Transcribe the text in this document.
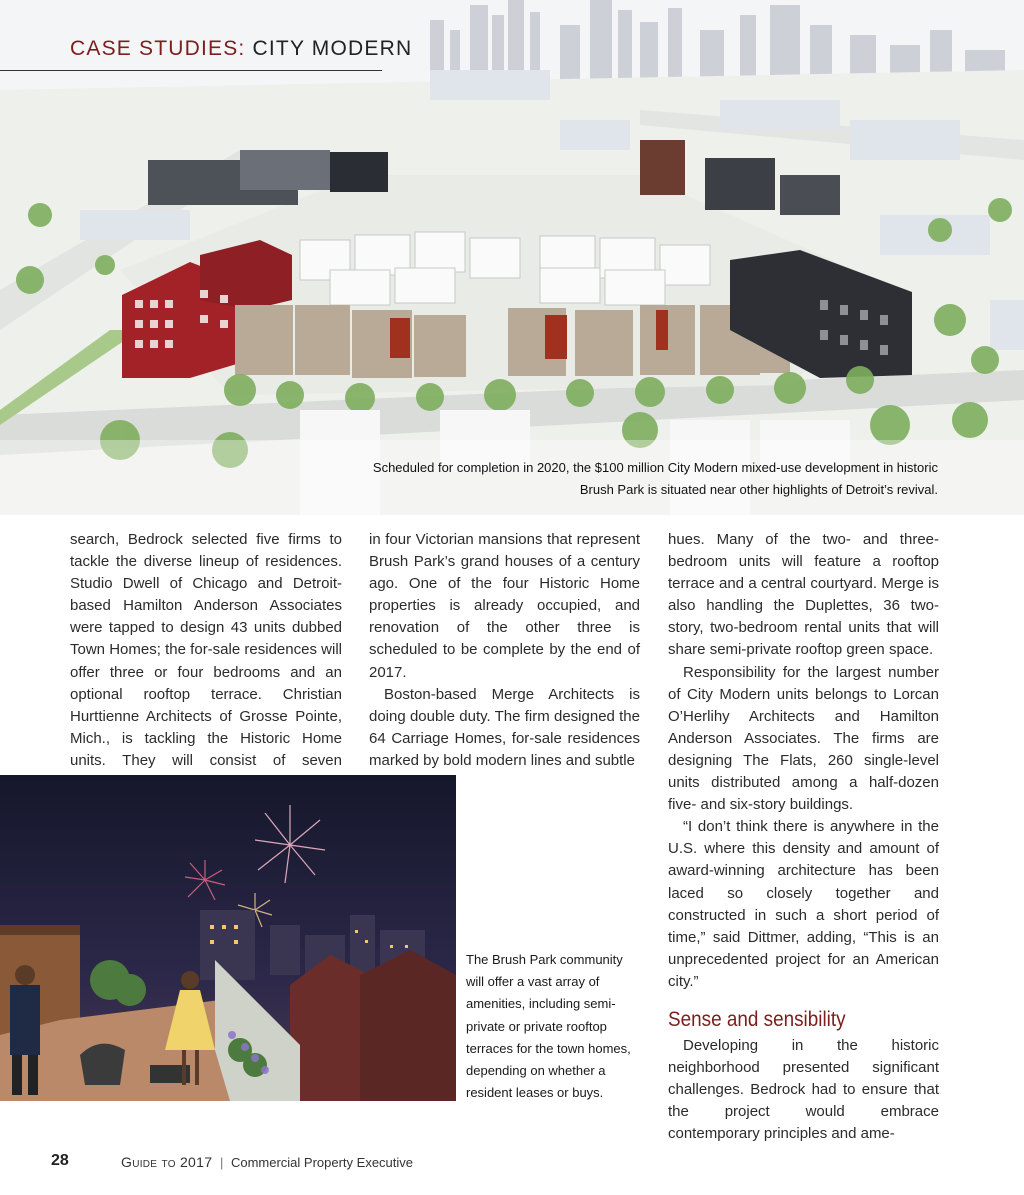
CASE STUDIES: CITY MODERN
Scheduled for completion in 2020, the $100 million City Modern mixed-use development in historic
Brush Park is situated near other highlights of Detroit’s revival.

search, Bedrock selected five firms to tackle the diverse lineup of residences. Studio Dwell of Chicago and Detroit-based Hamilton Anderson Associates were tapped to design 43 units dubbed Town Homes; the for-sale residences will offer three or four bedrooms and an optional rooftop terrace. Christian Hurttienne Architects of Grosse Pointe, Mich., is tackling the Historic Home units. They will consist of seven

in four Victorian mansions that represent Brush Park’s grand houses of a century ago. One of the four Historic Home properties is already occupied, and renovation of the other three is scheduled to be complete by the end of 2017.

Boston-based Merge Architects is doing double duty. The firm designed the 64 Carriage Homes, for-sale residences marked by bold modern lines and subtle

hues. Many of the two- and three-bedroom units will feature a rooftop terrace and a central courtyard. Merge is also handling the Duplettes, 36 two-story, two-bedroom rental units that will share semi-private rooftop green space.

Responsibility for the largest number of City Modern units belongs to Lorcan O’Herlihy Architects and Hamilton Anderson Associates. The firms are designing The Flats, 260 single-level units distributed among a half-dozen five- and six-story buildings.

“I don’t think there is anywhere in the U.S. where this density and amount of award-winning architecture has been laced so closely together and constructed in such a short period of time,” said Dittmer, adding, “This is an unprecedented project for an American city.”

Sense and sensibility

Developing in the historic neighborhood presented significant challenges. Bedrock had to ensure that the project would embrace contemporary principles and ame-

The Brush Park community will offer a vast array of amenities, including semi-private or private rooftop terraces for the town homes, depending on whether a resident leases or buys.
28	Guide to 2017 | Commercial Property Executive
